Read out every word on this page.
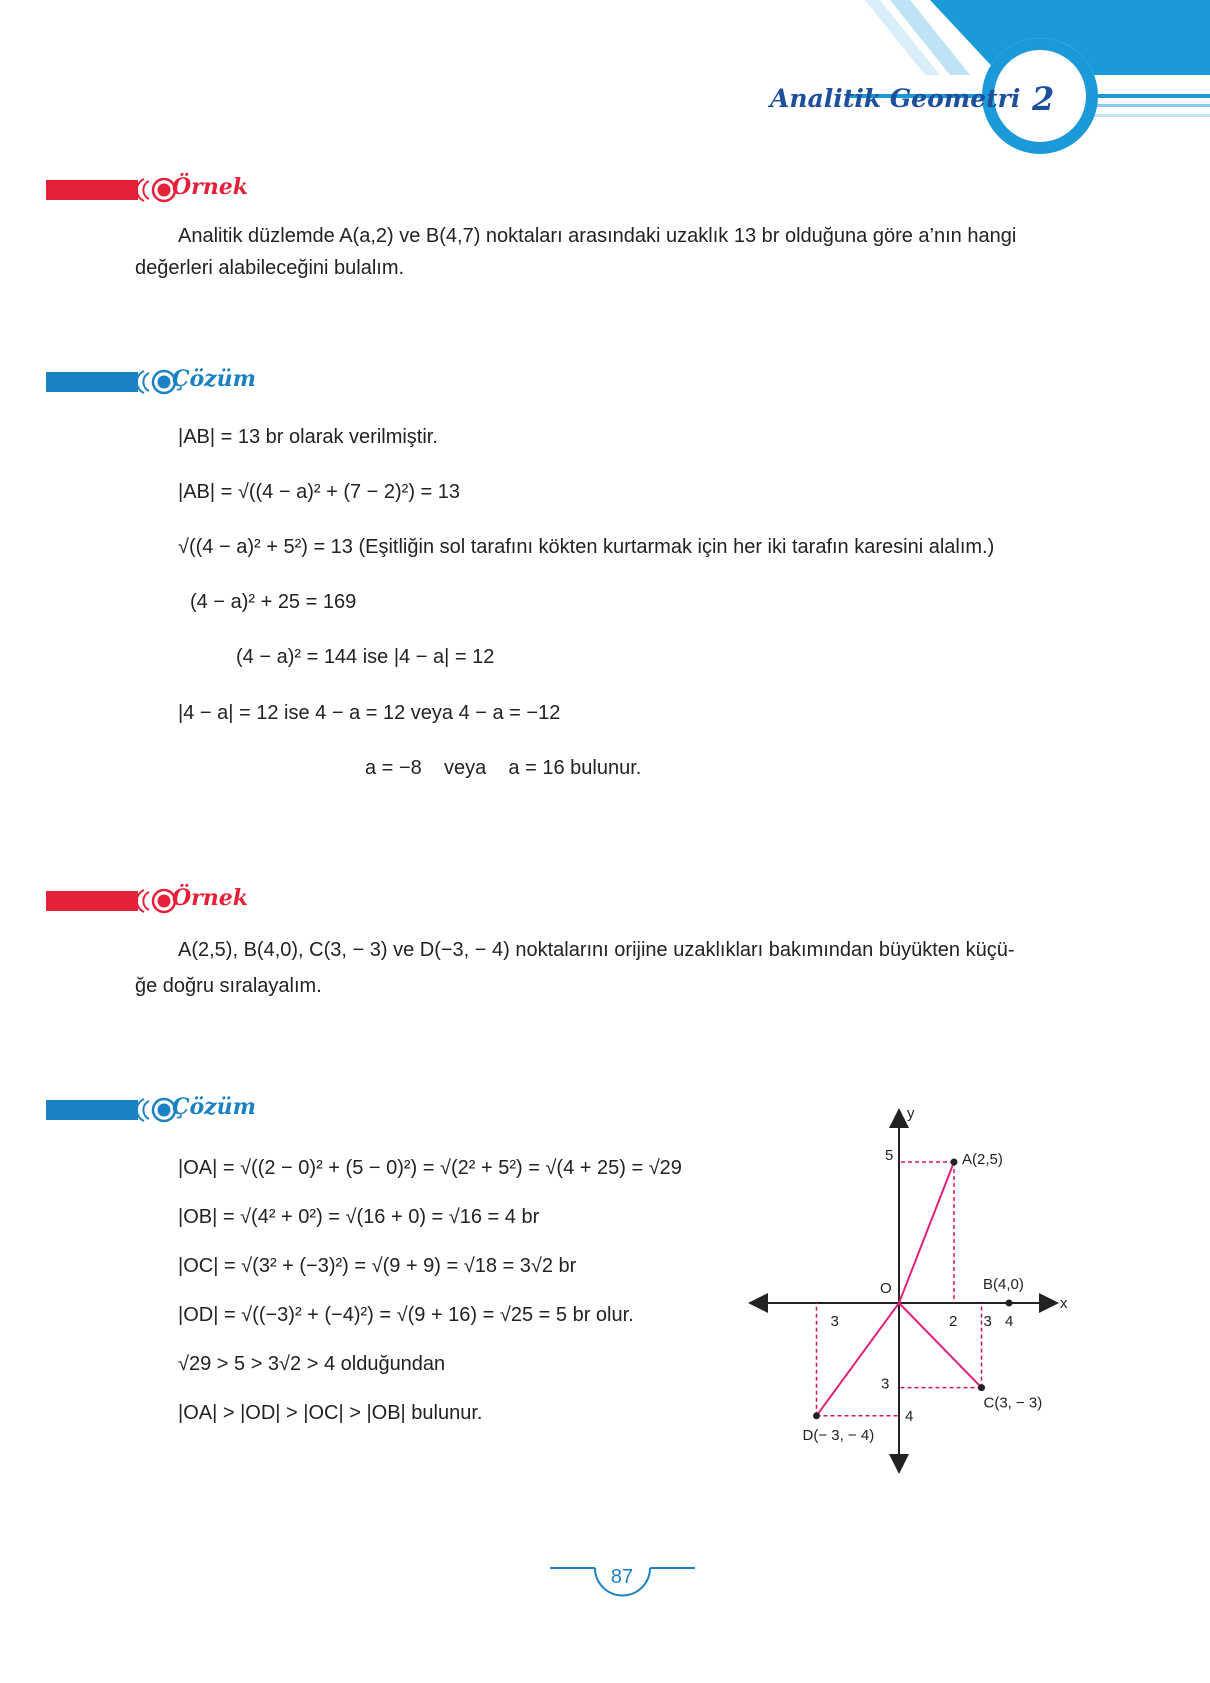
Analitik Geometri 2
Örnek
Analitik düzlemde A(a,2) ve B(4,7) noktaları arasındaki uzaklık 13 br olduğuna göre a’nın hangi
değerleri alabileceğini bulalım.
Çözüm
|AB| = 13 br olarak verilmiştir.
|AB| = √((4 − a)² + (7 − 2)²) = 13
√((4 − a)² + 5²) = 13 (Eşitliğin sol tarafını kökten kurtarmak için her iki tarafın karesini alalım.)
(4 − a)² + 25 = 169
(4 − a)² = 144 ise |4 − a| = 12
|4 − a| = 12 ise 4 − a = 12 veya 4 − a = −12
a = −8    veya    a = 16 bulunur.
Örnek
A(2,5), B(4,0), C(3, − 3) ve D(−3, − 4) noktalarını orijine uzaklıkları bakımından büyükten küçü-
ğe doğru sıralayalım.
Çözüm
|OA| = √((2 − 0)² + (5 − 0)²) = √(2² + 5²) = √(4 + 25) = √29
|OB| = √(4² + 0²) = √(16 + 0) = √16 = 4 br
|OC| = √(3² + (−3)²) = √(9 + 9) = √18 = 3√2 br
|OD| = √((−3)² + (−4)²) = √(9 + 16) = √25 = 5 br olur.
√29 > 5 > 3√2 > 4 olduğundan
|OA| > |OD| > |OC| > |OB| bulunur.
x
y
O
A(2,5)
B(4,0)
C(3, − 3)
D(− 3, − 4)
5
2 3 4
3
3
4
87
